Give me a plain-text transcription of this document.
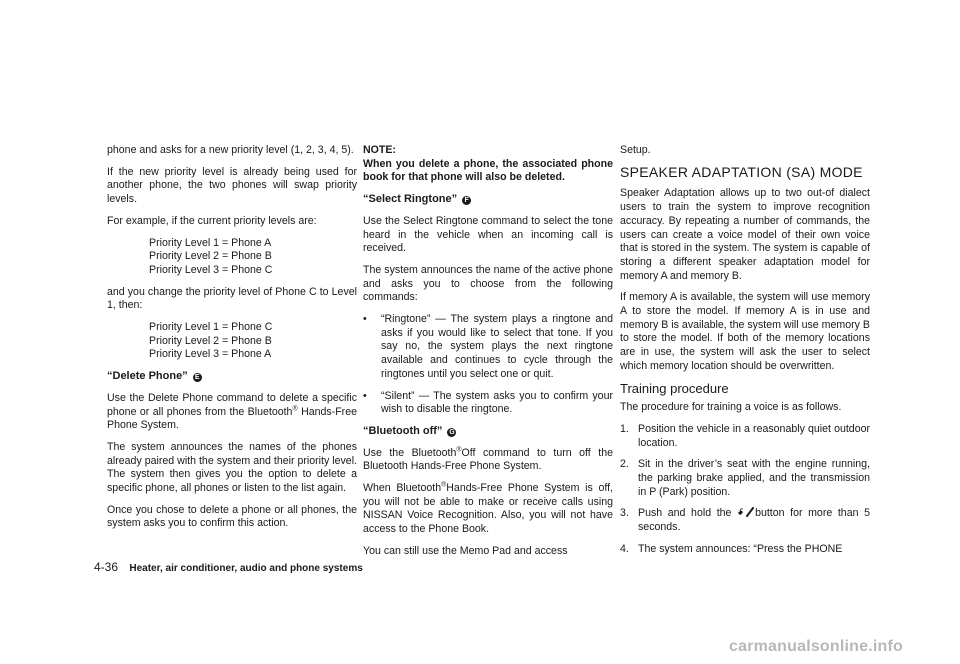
phone and asks for a new priority level (1, 2, 3, 4, 5).

If the new priority level is already being used for another phone, the two phones will swap priority levels.

For example, if the current priority levels are:

Priority Level 1 = Phone A

Priority Level 2 = Phone B

Priority Level 3 = Phone C

and you change the priority level of Phone C to Level 1, then:

Priority Level 1 = Phone C

Priority Level 2 = Phone B

Priority Level 3 = Phone A

“Delete Phone” E

Use the Delete Phone command to delete a specific phone or all phones from the Bluetooth® Hands-Free Phone System.

The system announces the names of the phones already paired with the system and their priority level. The system then gives you the option to delete a specific phone, all phones or listen to the list again.

Once you chose to delete a phone or all phones, the system asks you to confirm this action.

NOTE:

When you delete a phone, the associated phone book for that phone will also be deleted.

“Select Ringtone” F

Use the Select Ringtone command to select the tone heard in the vehicle when an incoming call is received.

The system announces the name of the active phone and asks you to choose from the following commands:

• “Ringtone” — The system plays a ringtone and asks if you would like to select that tone. If you say no, the system plays the next ringtone available and continues to cycle through the ringtones until you select one or quit.
• “Silent” — The system asks you to confirm your wish to disable the ringtone.

“Bluetooth off” G

Use the Bluetooth®Off command to turn off the Bluetooth Hands-Free Phone System.

When Bluetooth®Hands-Free Phone System is off, you will not be able to make or receive calls using NISSAN Voice Recognition. Also, you will not have access to the Phone Book.

You can still use the Memo Pad and access

Setup.

SPEAKER ADAPTATION (SA) MODE

Speaker Adaptation allows up to two out-of dialect users to train the system to improve recognition accuracy. By repeating a number of commands, the users can create a voice model of their own voice that is stored in the system. The system is capable of storing a different speaker adaptation model for memory A and memory B.

If memory A is available, the system will use memory A to store the model. If memory A is in use and memory B is available, the system will use memory B to store the model. If both of the memory locations are in use, the system will ask the user to select which memory location should be overwritten.

Training procedure

The procedure for training a voice is as follows.

1. Position the vehicle in a reasonably quiet outdoor location.
2. Sit in the driver’s seat with the engine running, the parking brake applied, and the transmission in P (Park) position.
3. Push and hold the button for more than 5 seconds.
4. The system announces: “Press the PHONE
4-36 Heater, air conditioner, audio and phone systems
carmanualsonline.info
